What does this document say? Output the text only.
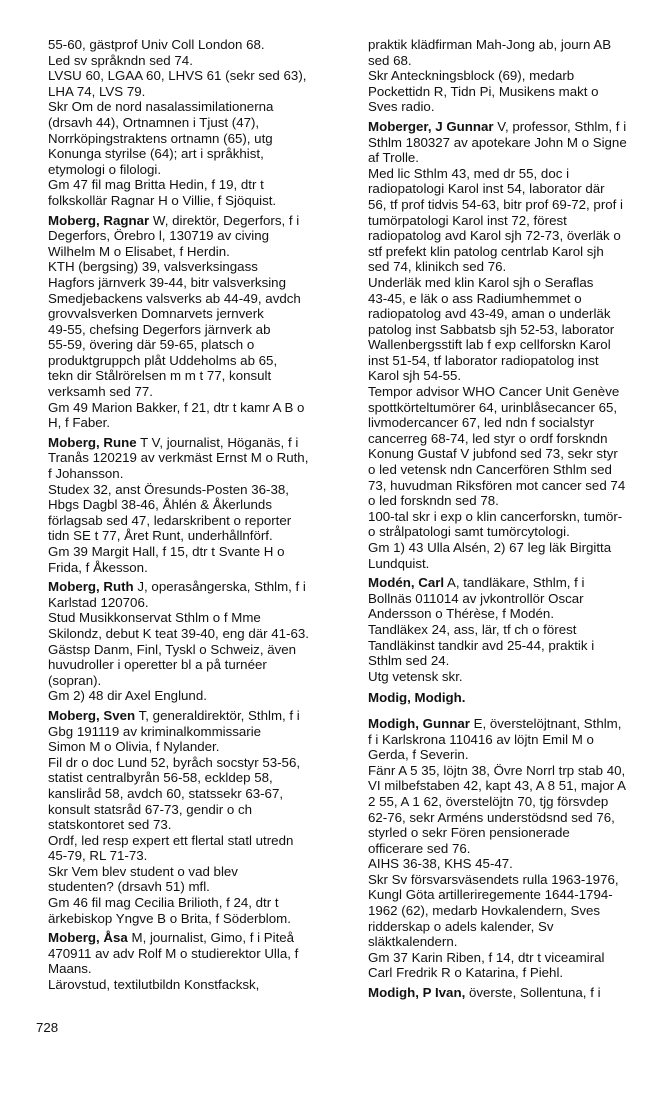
55-60, gästprof Univ Coll London 68.
Led sv språkndn sed 74.
LVSU 60, LGAA 60, LHVS 61 (sekr sed 63),
LHA 74, LVS 79.
Skr Om de nord nasalassimilationerna
(drsavh 44), Ortnamnen i Tjust (47),
Norrköpingstraktens ortnamn (65), utg
Konunga styrilse (64); art i språkhist,
etymologi o filologi.
Gm 47 fil mag Britta Hedin, f 19, dtr t
folkskollär Ragnar H o Villie, f Sjöquist.

Moberg, Ragnar W, direktör, Degerfors, f i
Degerfors, Örebro l, 130719 av civing
Wilhelm M o Elisabet, f Herdin.
KTH (bergsing) 39, valsverksingass
Hagfors järnverk 39-44, bitr valsverksing
Smedjebackens valsverks ab 44-49, avdch
grovvalsverken Domnarvets jernverk
49-55, chefsing Degerfors järnverk ab
55-59, övering där 59-65, platsch o
produktgruppch plåt Uddeholms ab 65,
tekn dir Stålrörelsen m m t 77, konsult
verksamh sed 77.
Gm 49 Marion Bakker, f 21, dtr t kamr A B o
H, f Faber.

Moberg, Rune T V, journalist, Höganäs, f i
Tranås 120219 av verkmäst Ernst M o Ruth,
f Johansson.
Studex 32, anst Öresunds-Posten 36-38,
Hbgs Dagbl 38-46, Åhlén & Åkerlunds
förlagsab sed 47, ledarskribent o reporter
tidn SE t 77, Året Runt, underhållnförf.
Gm 39 Margit Hall, f 15, dtr t Svante H o
Frida, f Åkesson.

Moberg, Ruth J, operasångerska, Sthlm, f i
Karlstad 120706.
Stud Musikkonservat Sthlm o f Mme
Skilondz, debut K teat 39-40, eng där 41-63.
Gästsp Danm, Finl, Tyskl o Schweiz, även
huvudroller i operetter bl a på turnéer
(sopran).
Gm 2) 48 dir Axel Englund.

Moberg, Sven T, generaldirektör, Sthlm, f i
Gbg 191119 av kriminalkommissarie
Simon M o Olivia, f Nylander.
Fil dr o doc Lund 52, byråch socstyr 53-56,
statist centralbyrån 56-58, eckldep 58,
kansliråd 58, avdch 60, statssekr 63-67,
konsult statsråd 67-73, gendir o ch
statskontoret sed 73.
Ordf, led resp expert ett flertal statl utredn
45-79, RL 71-73.
Skr Vem blev student o vad blev
studenten? (drsavh 51) mfl.
Gm 46 fil mag Cecilia Brilioth, f 24, dtr t
ärkebiskop Yngve B o Brita, f Söderblom.

Moberg, Åsa M, journalist, Gimo, f i Piteå
470911 av adv Rolf M o studierektor Ulla, f
Maans.
Lärovstud, textilutbildn Konstfacksk,

praktik klädfirman Mah-Jong ab, journ AB
sed 68.
Skr Anteckningsblock (69), medarb
Pockettidn R, Tidn Pi, Musikens makt o
Sves radio.

Moberger, J Gunnar V, professor, Sthlm, f i
Sthlm 180327 av apotekare John M o Signe
af Trolle.
Med lic Sthlm 43, med dr 55, doc i
radiopatologi Karol inst 54, laborator där
56, tf prof tidvis 54-63, bitr prof 69-72, prof i
tumörpatologi Karol inst 72, förest
radiopatolog avd Karol sjh 72-73, överläk o
stf prefekt klin patolog centrlab Karol sjh
sed 74, klinikch sed 76.
Underläk med klin Karol sjh o Seraflas
43-45, e läk o ass Radiumhemmet o
radiopatolog avd 43-49, aman o underläk
patolog inst Sabbatsb sjh 52-53, laborator
Wallenbergsstift lab f exp cellforskn Karol
inst 51-54, tf laborator radiopatolog inst
Karol sjh 54-55.
Tempor advisor WHO Cancer Unit Genève
spottkörteltumörer 64, urinblåsecancer 65,
livmodercancer 67, led ndn f socialstyr
cancerreg 68-74, led styr o ordf forskndn
Konung Gustaf V jubfond sed 73, sekr styr
o led vetensk ndn Cancerfören Sthlm sed
73, huvudman Riksfören mot cancer sed 74
o led forskndn sed 78.
100-tal skr i exp o klin cancerforskn, tumör-
o strålpatologi samt tumörcytologi.
Gm 1) 43 Ulla Alsén, 2) 67 leg läk Birgitta
Lundquist.

Modén, Carl A, tandläkare, Sthlm, f i
Bollnäs 011014 av jvkontrollör Oscar
Andersson o Thérèse, f Modén.
Tandläkex 24, ass, lär, tf ch o förest
Tandläkinst tandkir avd 25-44, praktik i
Sthlm sed 24.
Utg vetensk skr.

Modig, Modigh.

Modigh, Gunnar E, överstelöjtnant, Sthlm,
f i Karlskrona 110416 av löjtn Emil M o
Gerda, f Severin.
Fänr A 5 35, löjtn 38, Övre Norrl trp stab 40,
VI milbefstaben 42, kapt 43, A 8 51, major A
2 55, A 1 62, överstelöjtn 70, tjg försvdep
62-76, sekr Arméns understödsnd sed 76,
styrled o sekr Fören pensionerade
officerare sed 76.
AIHS 36-38, KHS 45-47.
Skr Sv försvarsväsendets rulla 1963-1976,
Kungl Göta artilleriregemente 1644-1794-
1962 (62), medarb Hovkalendern, Sves
ridderskap o adels kalender, Sv
släktkalendern.
Gm 37 Karin Riben, f 14, dtr t viceamiral
Carl Fredrik R o Katarina, f Piehl.

Modigh, P Ivan, överste, Sollentuna, f i

728
